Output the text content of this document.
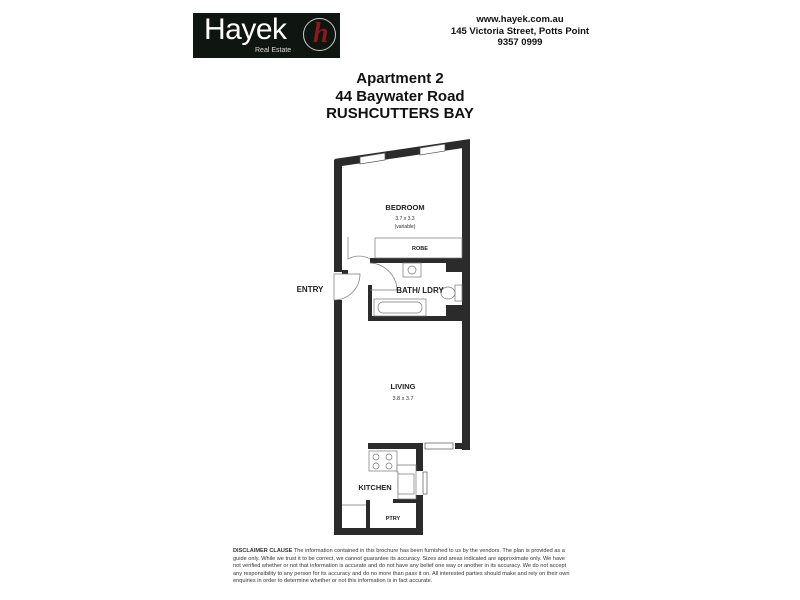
Hayek
Real Estate
h	www.hayek.com.au
145 Victoria Street, Potts Point
9357 0999
Apartment 2
44 Baywater Road
RUSHCUTTERS BAY
BEDROOM
3.7 x 3.3
(variable)
ROBE
BATH/ LDRY
ENTRY
LIVING
3.8 x 3.7
KITCHEN
PTRY
DISCLAIMER CLAUSE The information contained in this brochure has been furnished to us by the vendors. The plan is provided as a guide only. While we trust it to be correct, we cannot guarantee its accuracy. Sizes and areas indicated are approximate only. We have not verified whether or not that information is accurate and do not have any belief one way or another in its accuracy. We do not accept any responsibility to any person for its accuracy and do no more than pass it on. All interested parties should make and rely on their own enquiries in order to determine whether or not this information is in fact accurate.
